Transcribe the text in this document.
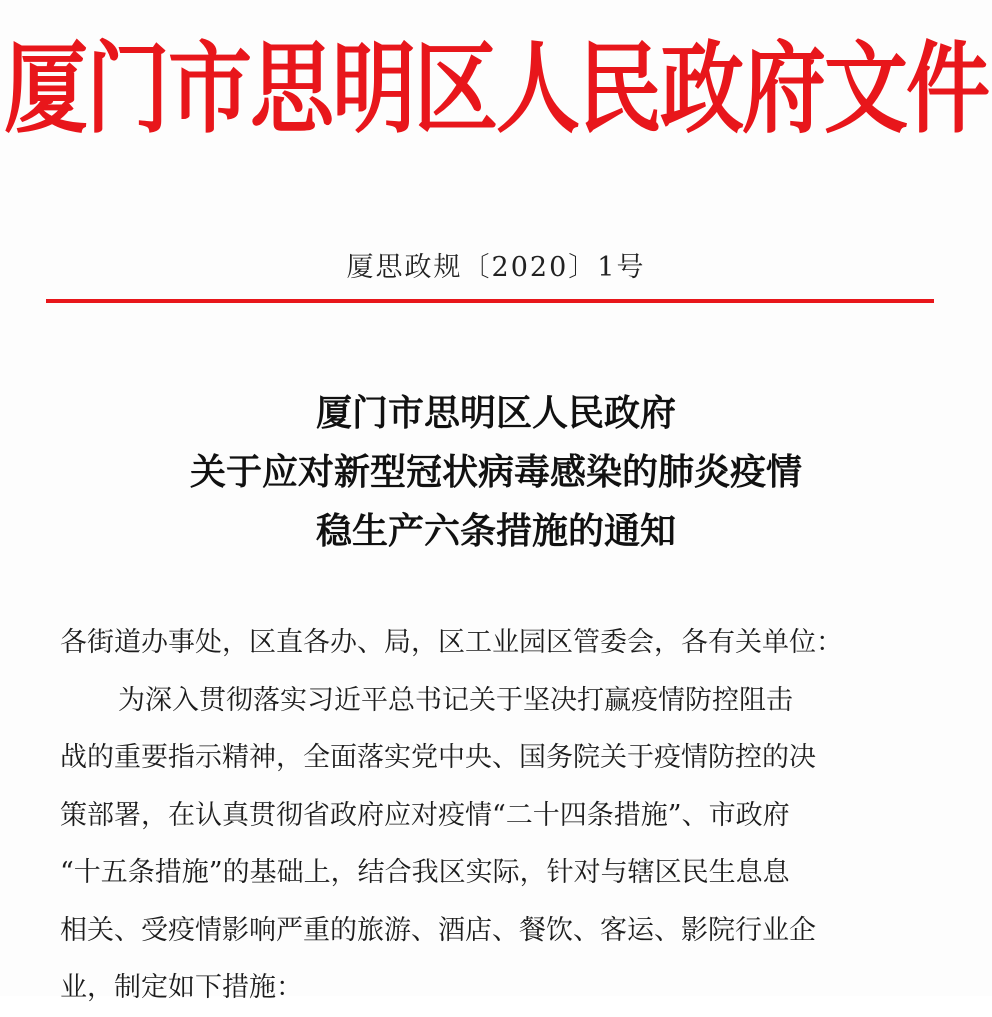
厦门市思明区人民政府文件
厦思政规〔2020〕1号
厦门市思明区人民政府
关于应对新型冠状病毒感染的肺炎疫情
稳生产六条措施的通知
各街道办事处，区直各办、局，区工业园区管委会，各有关单位：
为深入贯彻落实习近平总书记关于坚决打赢疫情防控阻击
战的重要指示精神，全面落实党中央、国务院关于疫情防控的决
策部署，在认真贯彻省政府应对疫情“二十四条措施”、市政府
“十五条措施”的基础上，结合我区实际，针对与辖区民生息息
相关、受疫情影响严重的旅游、酒店、餐饮、客运、影院行业企
业，制定如下措施：
